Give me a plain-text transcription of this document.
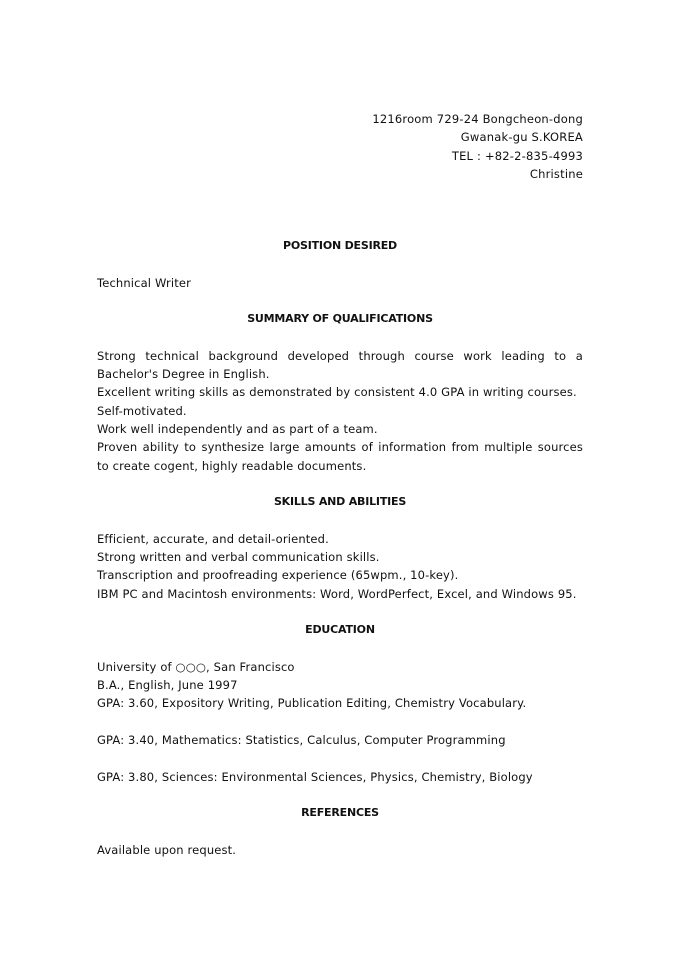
1216room 729-24 Bongcheon-dong
Gwanak-gu S.KOREA
TEL : +82-2-835-4993
Christine
POSITION DESIRED
Technical Writer
SUMMARY OF QUALIFICATIONS
Strong technical background developed through course work leading to a Bachelor's Degree in English.
Excellent writing skills as demonstrated by consistent 4.0 GPA in writing courses.
Self-motivated.
Work well independently and as part of a team.
Proven ability to synthesize large amounts of information from multiple sources to create cogent, highly readable documents.
SKILLS AND ABILITIES
Efficient, accurate, and detail-oriented.
Strong written and verbal communication skills.
Transcription and proofreading experience (65wpm., 10-key).
IBM PC and Macintosh environments: Word, WordPerfect, Excel, and Windows 95.
EDUCATION
University of ○○○, San Francisco
B.A., English, June 1997
GPA: 3.60, Expository Writing, Publication Editing, Chemistry Vocabulary.
GPA: 3.40, Mathematics: Statistics, Calculus, Computer Programming
GPA: 3.80, Sciences: Environmental Sciences, Physics, Chemistry, Biology
REFERENCES
Available upon request.
